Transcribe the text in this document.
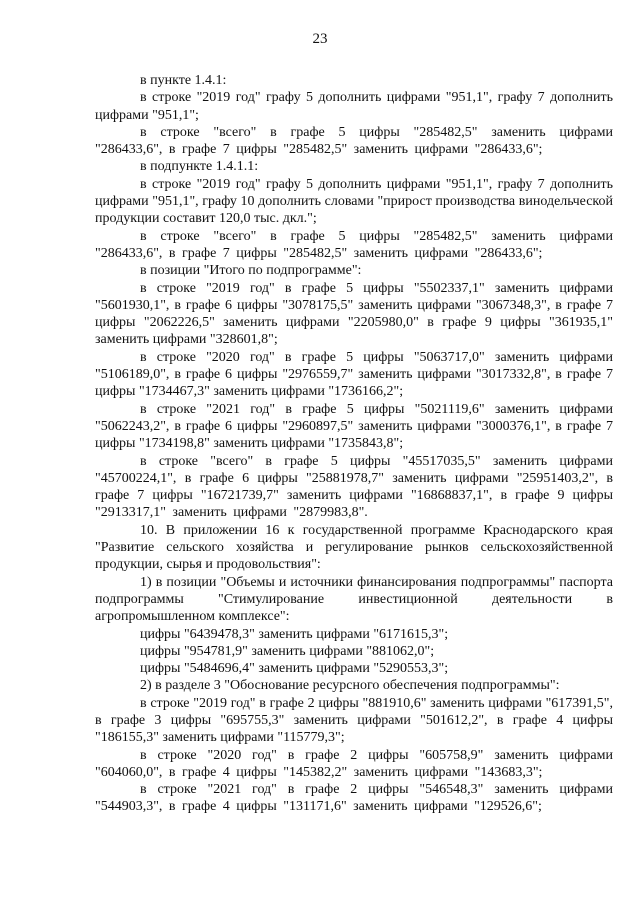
23

в пункте 1.4.1:

в строке "2019 год" графу 5 дополнить цифрами "951,1", графу 7 дополнить цифрами "951,1";

в строке "всего" в графе 5 цифры "285482,5" заменить цифрами "286433,6", в графе 7 цифры "285482,5" заменить цифрами "286433,6";

в подпункте 1.4.1.1:

в строке "2019 год" графу 5 дополнить цифрами "951,1", графу 7 дополнить цифрами "951,1", графу 10 дополнить словами "прирост производства винодельческой продукции составит 120,0 тыс. дкл.";

в строке "всего" в графе 5 цифры "285482,5" заменить цифрами "286433,6", в графе 7 цифры "285482,5" заменить цифрами "286433,6";

в позиции "Итого по подпрограмме":

в строке "2019 год" в графе 5 цифры "5502337,1" заменить цифрами "5601930,1", в графе 6 цифры "3078175,5" заменить цифрами "3067348,3", в графе 7 цифры "2062226,5" заменить цифрами "2205980,0" в графе 9 цифры "361935,1" заменить цифрами "328601,8";

в строке "2020 год" в графе 5 цифры "5063717,0" заменить цифрами "5106189,0", в графе 6 цифры "2976559,7" заменить цифрами "3017332,8", в графе 7 цифры "1734467,3" заменить цифрами "1736166,2";

в строке "2021 год" в графе 5 цифры "5021119,6" заменить цифрами "5062243,2", в графе 6 цифры "2960897,5" заменить цифрами "3000376,1", в графе 7 цифры "1734198,8" заменить цифрами "1735843,8";

в строке "всего" в графе 5 цифры "45517035,5" заменить цифрами "45700224,1", в графе 6 цифры "25881978,7" заменить цифрами "25951403,2", в графе 7 цифры "16721739,7" заменить цифрами "16868837,1", в графе 9 цифры "2913317,1" заменить цифрами "2879983,8".

10. В приложении 16 к государственной программе Краснодарского края "Развитие сельского хозяйства и регулирование рынков сельскохозяйственной продукции, сырья и продовольствия":

1) в позиции "Объемы и источники финансирования подпрограммы" паспорта подпрограммы "Стимулирование инвестиционной деятельности в агропромышленном комплексе":

цифры "6439478,3" заменить цифрами "6171615,3";

цифры "954781,9" заменить цифрами "881062,0";

цифры "5484696,4" заменить цифрами "5290553,3";

2) в разделе 3 "Обоснование ресурсного обеспечения подпрограммы":

в строке "2019 год" в графе 2 цифры "881910,6" заменить цифрами "617391,5", в графе 3 цифры "695755,3" заменить цифрами "501612,2", в графе 4 цифры "186155,3" заменить цифрами "115779,3";

в строке "2020 год" в графе 2 цифры "605758,9" заменить цифрами "604060,0", в графе 4 цифры "145382,2" заменить цифрами "143683,3";

в строке "2021 год" в графе 2 цифры "546548,3" заменить цифрами "544903,3", в графе 4 цифры "131171,6" заменить цифрами "129526,6";
